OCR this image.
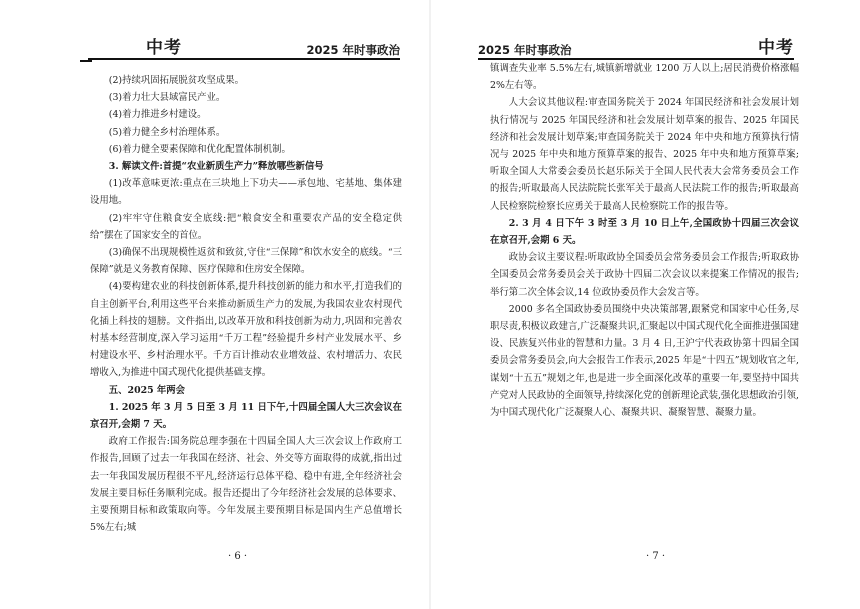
中考	2025 年时事政治

(2)持续巩固拓展脱贫攻坚成果。

(3)着力壮大县域富民产业。

(4)着力推进乡村建设。

(5)着力健全乡村治理体系。

(6)着力健全要素保障和优化配置体制机制。

3. 解读文件:首提“农业新质生产力”释放哪些新信号

(1)改革意味更浓:重点在三块地上下功夫——承包地、宅基地、集体建设用地。

(2)牢牢守住粮食安全底线:把“粮食安全和重要农产品的安全稳定供给”摆在了国家安全的首位。

(3)确保不出现规模性返贫和致贫,守住“三保障”和饮水安全的底线。“三保障”就是义务教育保障、医疗保障和住房安全保障。

(4)要构建农业的科技创新体系,提升科技创新的能力和水平,打造我们的自主创新平台,利用这些平台来推动新质生产力的发展,为我国农业农村现代化插上科技的翅膀。文件指出,以改革开放和科技创新为动力,巩固和完善农村基本经营制度,深入学习运用“千万工程”经验提升乡村产业发展水平、乡村建设水平、乡村治理水平。千方百计推动农业增效益、农村增活力、农民增收入,为推进中国式现代化提供基础支撑。

五、2025 年两会

1. 2025 年 3 月 5 日至 3 月 11 日下午,十四届全国人大三次会议在京召开,会期 7 天。

政府工作报告:国务院总理李强在十四届全国人大三次会议上作政府工作报告,回顾了过去一年我国在经济、社会、外交等方面取得的成就,指出过去一年我国发展历程很不平凡,经济运行总体平稳、稳中有进,全年经济社会发展主要目标任务顺利完成。报告还提出了今年经济社会发展的总体要求、主要预期目标和政策取向等。今年发展主要预期目标是国内生产总值增长 5%左右;城

· 6 ·
2025 年时事政治	中考

镇调查失业率 5.5%左右,城镇新增就业 1200 万人以上;居民消费价格涨幅 2%左右等。

人大会议其他议程:审查国务院关于 2024 年国民经济和社会发展计划执行情况与 2025 年国民经济和社会发展计划草案的报告、2025 年国民经济和社会发展计划草案;审查国务院关于 2024 年中央和地方预算执行情况与 2025 年中央和地方预算草案的报告、2025 年中央和地方预算草案;听取全国人大常委会委员长赵乐际关于全国人民代表大会常务委员会工作的报告;听取最高人民法院院长张军关于最高人民法院工作的报告;听取最高人民检察院检察长应勇关于最高人民检察院工作的报告等。

2. 3 月 4 日下午 3 时至 3 月 10 日上午,全国政协十四届三次会议在京召开,会期 6 天。

政协会议主要议程:听取政协全国委员会常务委员会工作报告;听取政协全国委员会常务委员会关于政协十四届二次会议以来提案工作情况的报告;举行第二次全体会议,14 位政协委员作大会发言等。

2000 多名全国政协委员围绕中央决策部署,跟紧党和国家中心任务,尽职尽责,积极议政建言,广泛凝聚共识,汇聚起以中国式现代化全面推进强国建设、民族复兴伟业的智慧和力量。3 月 4 日,王沪宁代表政协第十四届全国委员会常务委员会,向大会报告工作表示,2025 年是“十四五”规划收官之年,谋划“十五五”规划之年,也是进一步全面深化改革的重要一年,要坚持中国共产党对人民政协的全面领导,持续深化党的创新理论武装,强化思想政治引领,为中国式现代化广泛凝聚人心、凝聚共识、凝聚智慧、凝聚力量。

· 7 ·
